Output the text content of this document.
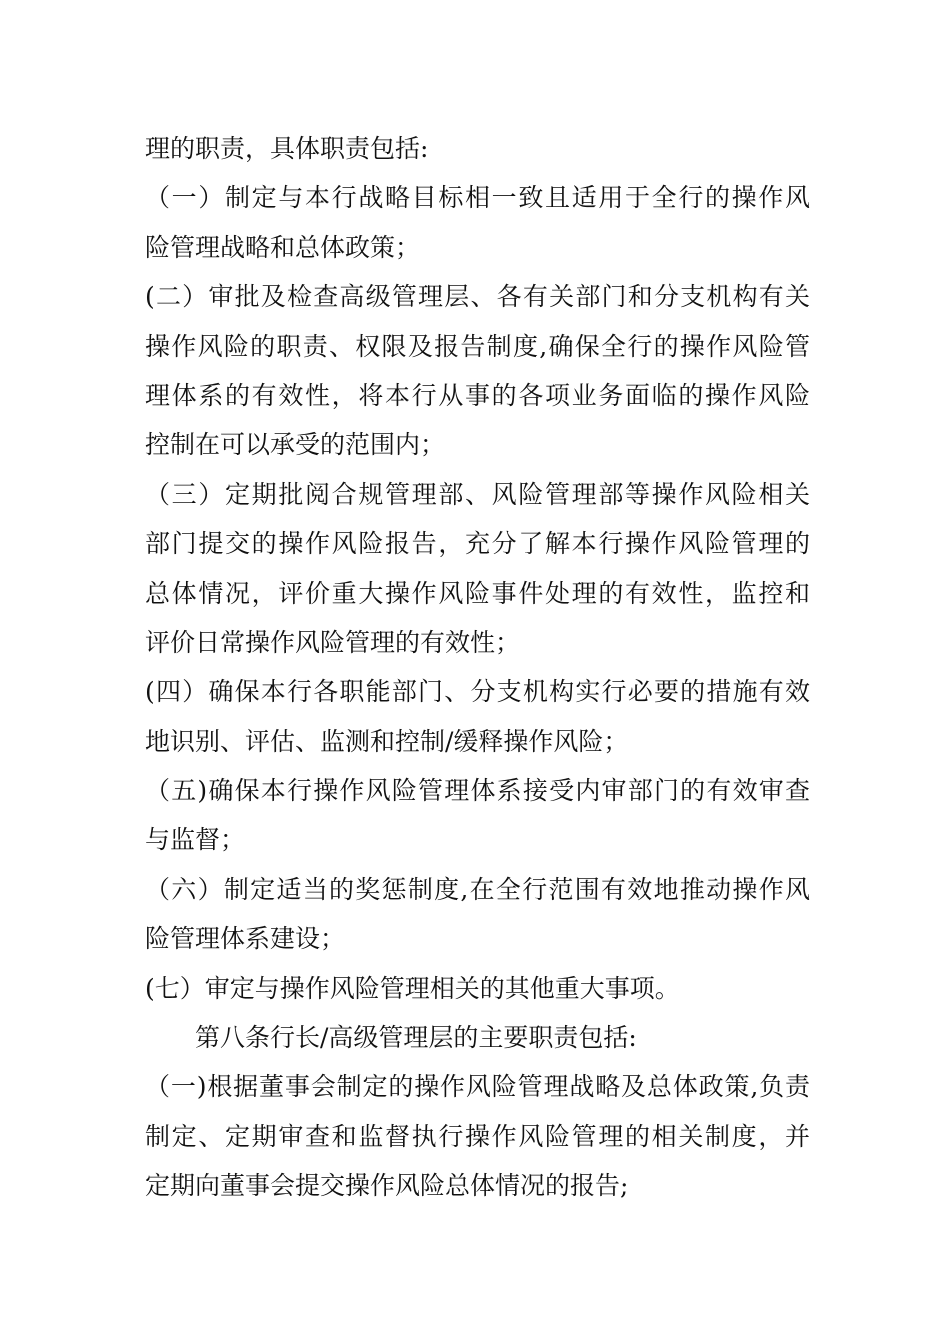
理的职责，具体职责包括:
（一）制定与本行战略目标相一致且适用于全行的操作风
险管理战略和总体政策；
(二）审批及检查高级管理层、各有关部门和分支机构有关
操作风险的职责、权限及报告制度,确保全行的操作风险管
理体系的有效性，将本行从事的各项业务面临的操作风险
控制在可以承受的范围内；
（三）定期批阅合规管理部、风险管理部等操作风险相关
部门提交的操作风险报告，充分了解本行操作风险管理的
总体情况，评价重大操作风险事件处理的有效性，监控和
评价日常操作风险管理的有效性；
(四）确保本行各职能部门、分支机构实行必要的措施有效
地识别、评估、监测和控制/缓释操作风险；
（五)确保本行操作风险管理体系接受内审部门的有效审查
与监督；
（六）制定适当的奖惩制度,在全行范围有效地推动操作风
险管理体系建设；
(七）审定与操作风险管理相关的其他重大事项。
第八条行长/高级管理层的主要职责包括:
（一)根据董事会制定的操作风险管理战略及总体政策,负责
制定、定期审查和监督执行操作风险管理的相关制度，并
定期向董事会提交操作风险总体情况的报告;
